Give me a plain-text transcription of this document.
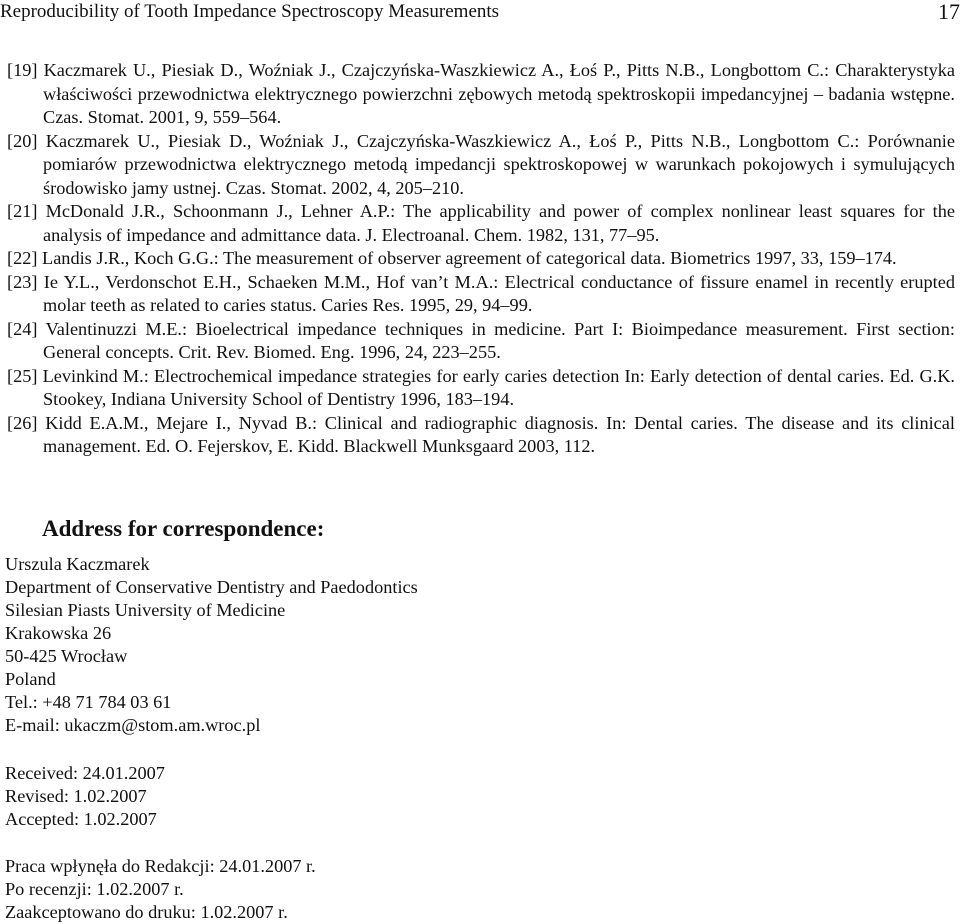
Reproducibility of Tooth Impedance Spectroscopy Measurements	17
[19] Kaczmarek U., Piesiak D., Woźniak J., Czajczyńska-Waszkiewicz A., Łoś P., Pitts N.B., Longbottom C.: Charakterystyka właściwości przewodnictwa elektrycznego powierzchni zębowych metodą spektroskopii impedancyjnej – badania wstępne. Czas. Stomat. 2001, 9, 559–564.
[20] Kaczmarek U., Piesiak D., Woźniak J., Czajczyńska-Waszkiewicz A., Łoś P., Pitts N.B., Longbottom C.: Porównanie pomiarów przewodnictwa elektrycznego metodą impedancji spektroskopowej w warunkach pokojowych i symulujących środowisko jamy ustnej. Czas. Stomat. 2002, 4, 205–210.
[21] McDonald J.R., Schoonmann J., Lehner A.P.: The applicability and power of complex nonlinear least squares for the analysis of impedance and admittance data. J. Electroanal. Chem. 1982, 131, 77–95.
[22] Landis J.R., Koch G.G.: The measurement of observer agreement of categorical data. Biometrics 1997, 33, 159–174.
[23] Ie Y.L., Verdonschot E.H., Schaeken M.M., Hof van’t M.A.: Electrical conductance of fissure enamel in recently erupted molar teeth as related to caries status. Caries Res. 1995, 29, 94–99.
[24] Valentinuzzi M.E.: Bioelectrical impedance techniques in medicine. Part I: Bioimpedance measurement. First section: General concepts. Crit. Rev. Biomed. Eng. 1996, 24, 223–255.
[25] Levinkind M.: Electrochemical impedance strategies for early caries detection In: Early detection of dental caries. Ed. G.K. Stookey, Indiana University School of Dentistry 1996, 183–194.
[26] Kidd E.A.M., Mejare I., Nyvad B.: Clinical and radiographic diagnosis. In: Dental caries. The disease and its clinical management. Ed. O. Fejerskov, E. Kidd. Blackwell Munksgaard 2003, 112.
Address for correspondence:
Urszula Kaczmarek
Department of Conservative Dentistry and Paedodontics
Silesian Piasts University of Medicine
Krakowska 26
50-425 Wrocław
Poland
Tel.: +48 71 784 03 61
E-mail: ukaczm@stom.am.wroc.pl
Received: 24.01.2007
Revised: 1.02.2007
Accepted: 1.02.2007
Praca wpłynęła do Redakcji: 24.01.2007 r.
Po recenzji: 1.02.2007 r.
Zaakceptowano do druku: 1.02.2007 r.
